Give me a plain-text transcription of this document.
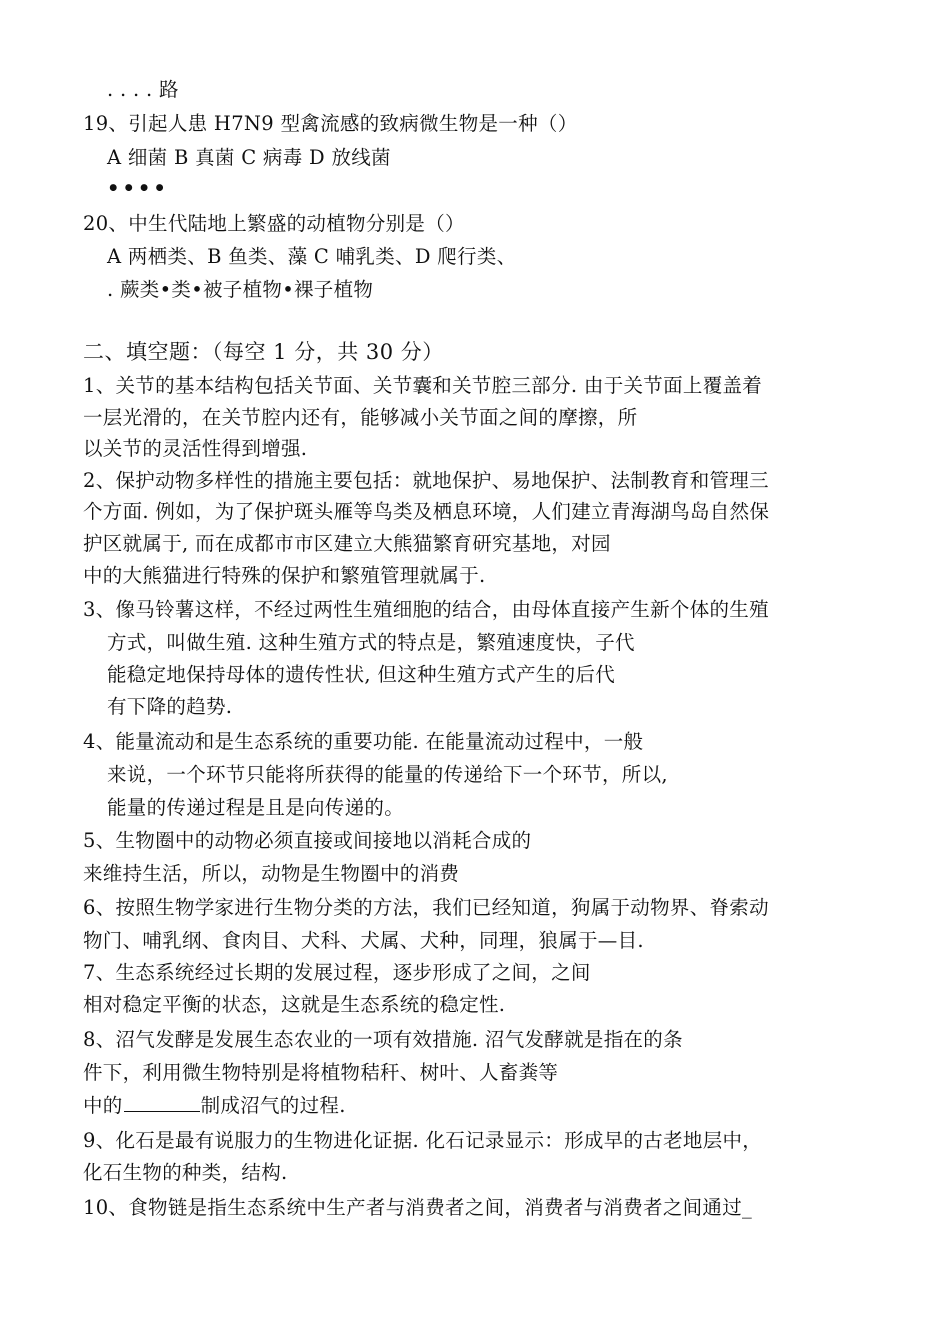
. . . . 路
19、引起人患 H7N9 型禽流感的致病微生物是一种（）
A 细菌 B 真菌 C 病毒 D 放线菌
••••
20、中生代陆地上繁盛的动植物分别是（）
A 两栖类、B 鱼类、藻 C 哺乳类、D 爬行类、
. 蕨类•类•被子植物•裸子植物
二、填空题：（每空 1 分，共 30 分）
1、关节的基本结构包括关节面、关节囊和关节腔三部分. 由于关节面上覆盖着
一层光滑的，在关节腔内还有，能够减小关节面之间的摩擦，所
以关节的灵活性得到增强.
2、保护动物多样性的措施主要包括：就地保护、易地保护、法制教育和管理三
个方面. 例如，为了保护斑头雁等鸟类及栖息环境，人们建立青海湖鸟岛自然保
护区就属于, 而在成都市市区建立大熊猫繁育研究基地，对园
中的大熊猫进行特殊的保护和繁殖管理就属于.
3、像马铃薯这样，不经过两性生殖细胞的结合，由母体直接产生新个体的生殖
方式，叫做生殖. 这种生殖方式的特点是，繁殖速度快，子代
能稳定地保持母体的遗传性状, 但这种生殖方式产生的后代
有下降的趋势.
4、能量流动和是生态系统的重要功能. 在能量流动过程中，一般
来说，一个环节只能将所获得的能量的传递给下一个环节，所以,
能量的传递过程是且是向传递的。
5、生物圈中的动物必须直接或间接地以消耗合成的
来维持生活，所以，动物是生物圈中的消费
6、按照生物学家进行生物分类的方法，我们已经知道，狗属于动物界、脊索动
物门、哺乳纲、食肉目、犬科、犬属、犬种，同理，狼属于—目.
7、生态系统经过长期的发展过程，逐步形成了之间，之间
相对稳定平衡的状态，这就是生态系统的稳定性.
8、沼气发酵是发展生态农业的一项有效措施. 沼气发酵就是指在的条
件下，利用微生物特别是将植物秸秆、树叶、人畜粪等
中的	制成沼气的过程.
9、化石是最有说服力的生物进化证据. 化石记录显示：形成早的古老地层中，
化石生物的种类，结构.
10、食物链是指生态系统中生产者与消费者之间，消费者与消费者之间通过_
